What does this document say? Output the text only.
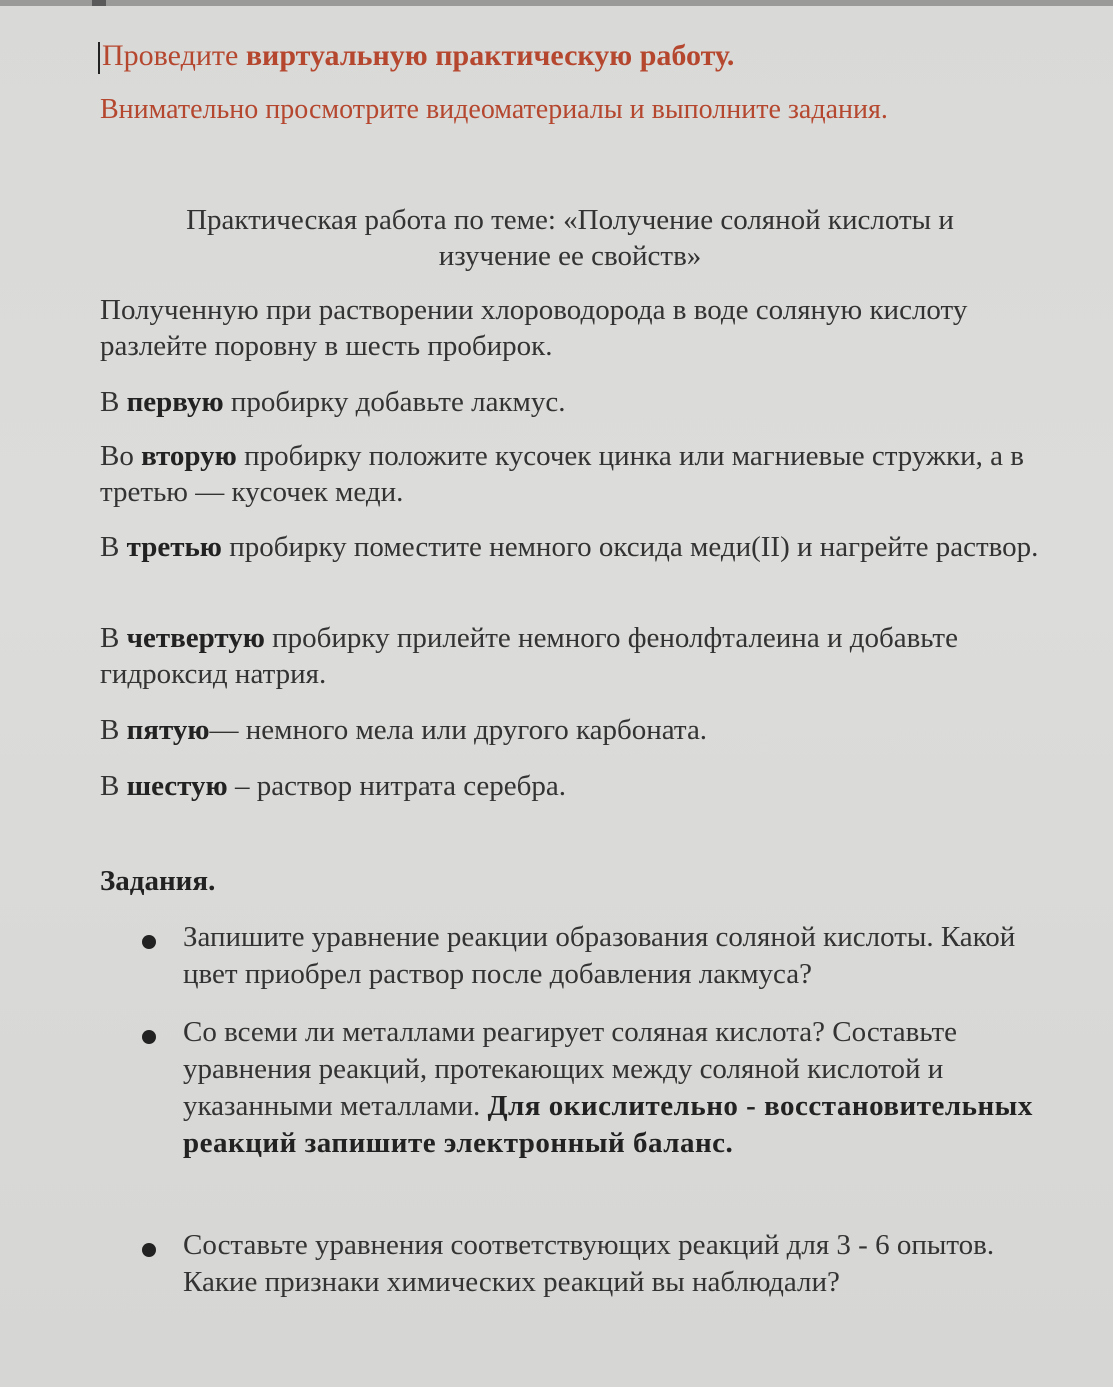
Проведите виртуальную практическую работу.
Внимательно просмотрите видеоматериалы и выполните задания.
Практическая работа по теме: «Получение соляной кислоты и
изучение ее свойств»
Полученную при растворении хлороводорода в воде соляную кислоту разлейте поровну в шесть пробирок.
В первую пробирку добавьте лакмус.
Во вторую пробирку положите кусочек цинка или магниевые стружки, а в третью — кусочек меди.
В третью пробирку поместите немного оксида меди(II) и нагрейте раствор.
В четвертую пробирку прилейте немного фенолфталеина и добавьте гидроксид натрия.
В пятую— немного мела или другого карбоната.
В шестую – раствор нитрата серебра.
Задания.
Запишите уравнение реакции образования соляной кислоты. Какой цвет приобрел раствор после добавления лакмуса?
Со всеми ли металлами реагирует соляная кислота? Составьте уравнения реакций, протекающих между соляной кислотой и указанными металлами. Для окислительно - восстановительных реакций запишите электронный баланс.
Составьте уравнения соответствующих реакций для 3 - 6 опытов. Какие признаки химических реакций вы наблюдали?
